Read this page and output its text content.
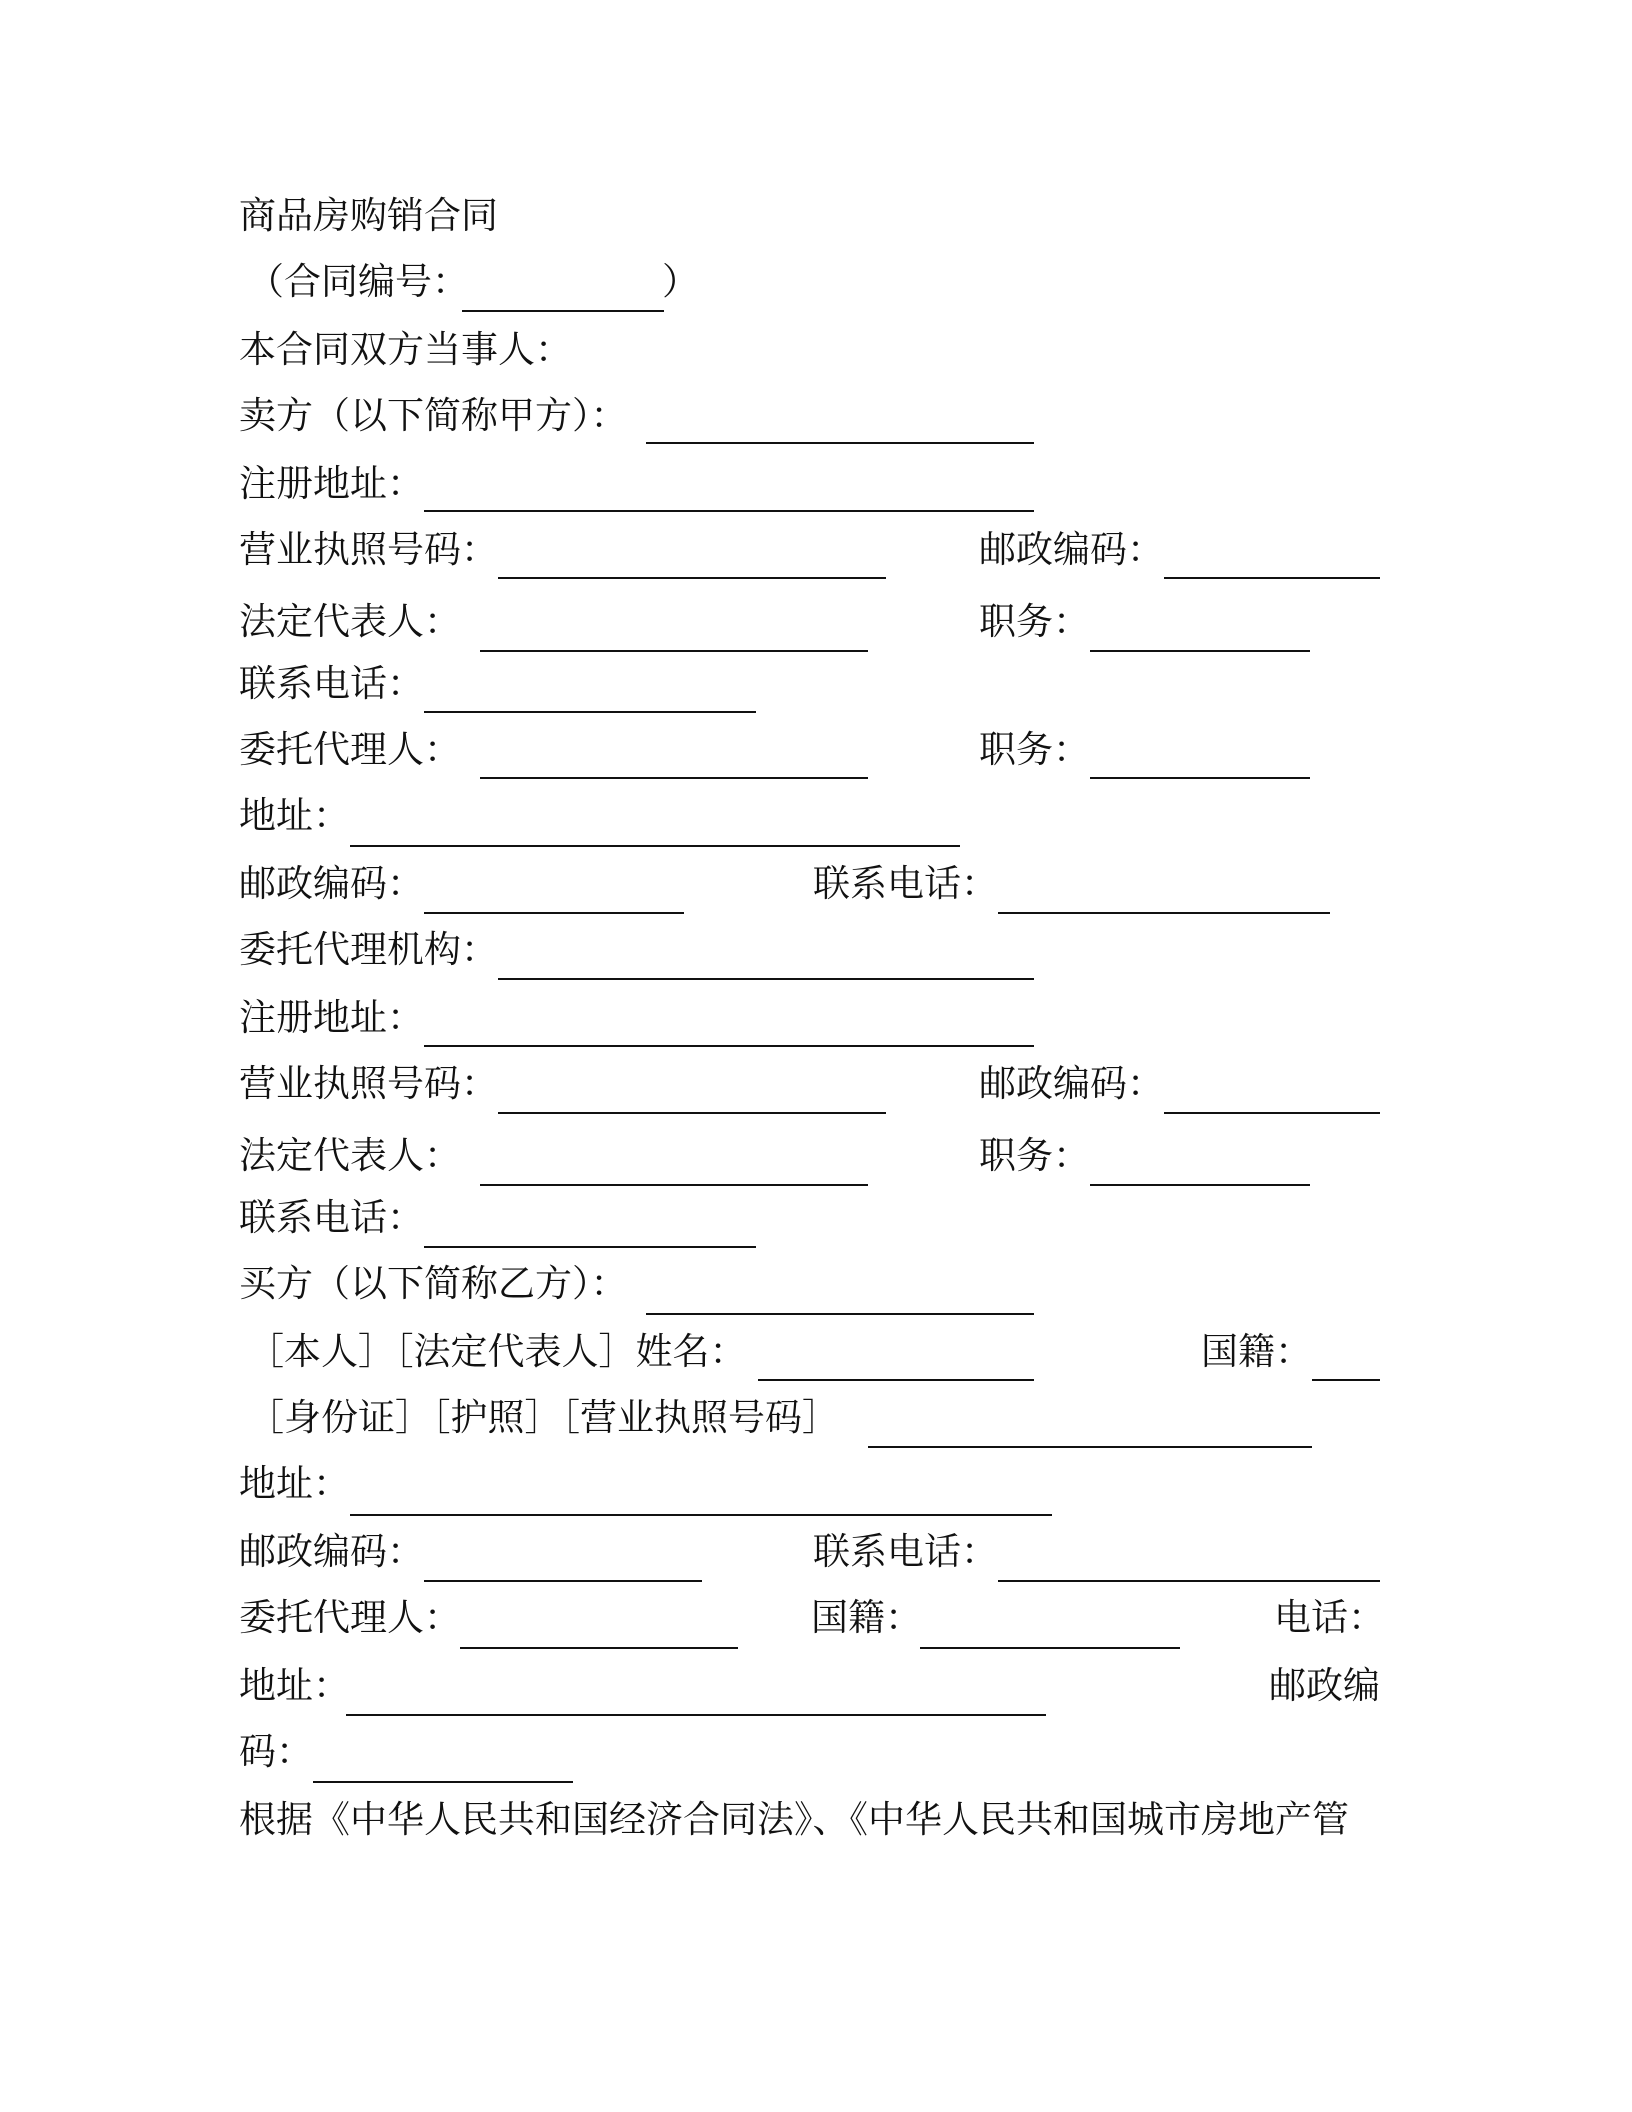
商品房购销合同
（合同编号：	）
本合同双方当事人：
卖方（以下简称甲方）：
注册地址：
营业执照号码：	邮政编码：
法定代表人：	职务：
联系电话：
委托代理人：	职务：
地址：
邮政编码：	联系电话：
委托代理机构：
注册地址：
营业执照号码：	邮政编码：
法定代表人：	职务：
联系电话：
买方（以下简称乙方）：
［本人］［法定代表人］姓名：	国籍：
［身份证］［护照］［营业执照号码］
地址：
邮政编码：	联系电话：
委托代理人：	国籍：	电话：
地址：	邮政编
码：
根据《中华人民共和国经济合同法》、《中华人民共和国城市房地产管
